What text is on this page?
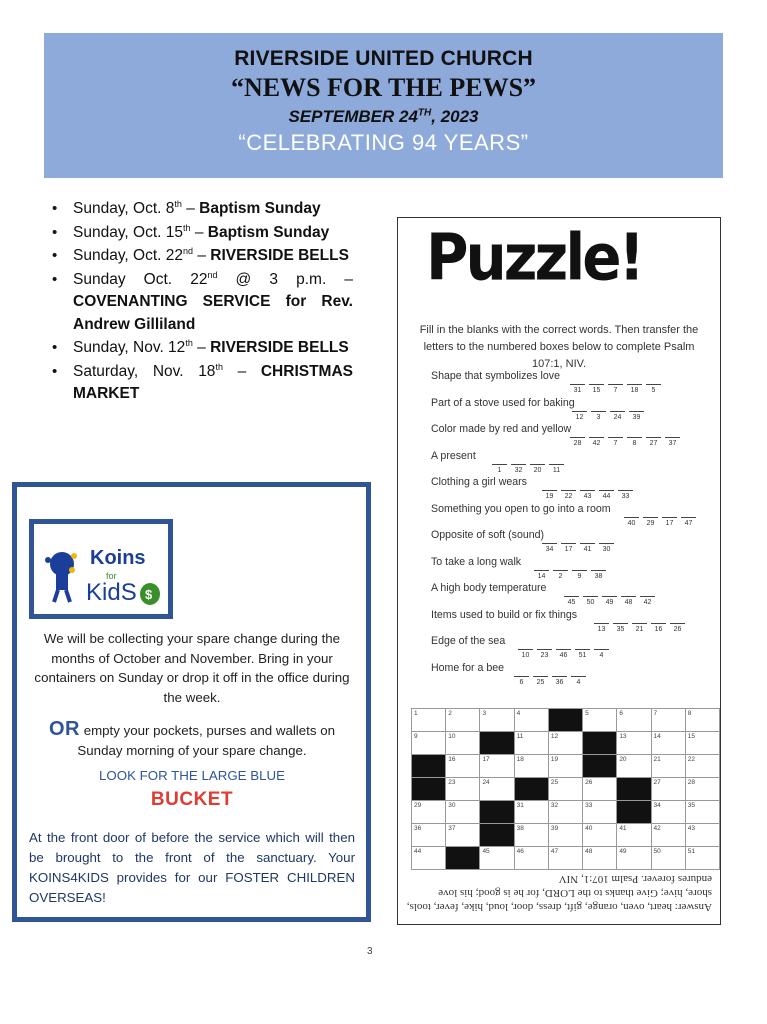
RIVERSIDE UNITED CHURCH
“NEWS FOR THE PEWS”
SEPTEMBER 24TH, 2023
“CELEBRATING 94 YEARS”
• Sunday, Oct. 8th – Baptism Sunday
• Sunday, Oct. 15th – Baptism Sunday
• Sunday, Oct. 22nd – RIVERSIDE BELLS
• Sunday Oct. 22nd @ 3 p.m. – COVENANTING SERVICE for Rev. Andrew Gilliland
• Sunday, Nov. 12th – RIVERSIDE BELLS
• Saturday, Nov. 18th – CHRISTMAS MARKET
Koins
for
KidS $
We will be collecting your spare change during the months of October and November. Bring in your containers on Sunday or drop it off in the office during the week.
OR empty your pockets, purses and wallets on Sunday morning of your spare change.
LOOK FOR THE LARGE BLUE
BUCKET
At the front door of before the service which will then be brought to the front of the sanctuary. Your KOINS4KIDS provides for our FOSTER CHILDREN OVERSEAS!
Puzzle!
Fill in the blanks with the correct words. Then transfer the letters to the numbered boxes below to complete Psalm 107:1, NIV.
Shape that symbolizes love
31	15	7	18	5
Part of a stove used for baking
12	3	24	39
Color made by red and yellow
28	42	7	8	27	37
A present
1	32	20	11
Clothing a girl wears
19	22	43	44	33
Something you open to go into a room
40	29	17	47
Opposite of soft (sound)
34	17	41	30
To take a long walk
14	2	9	38
A high body temperature
45	50	49	48	42
Items used to build or fix things
13	35	21	16	26
Edge of the sea
10	23	46	51	4
Home for a bee
6	25	36	4
1	2	3	4		5	6	7	8
9	10		11	12		13	14	15
	16	17	18	19		20	21	22
	23	24		25	26		27	28
29	30		31	32	33		34	35
36	37		38	39	40	41	42	43
44		45	46	47	48	49	50	51
Answer: heart, oven, orange, gift, dress, door, loud, hike, fever, tools, shore, hive; Give thanks to the LORD, for he is good; his love endures forever. Psalm 107:1, NIV
3
